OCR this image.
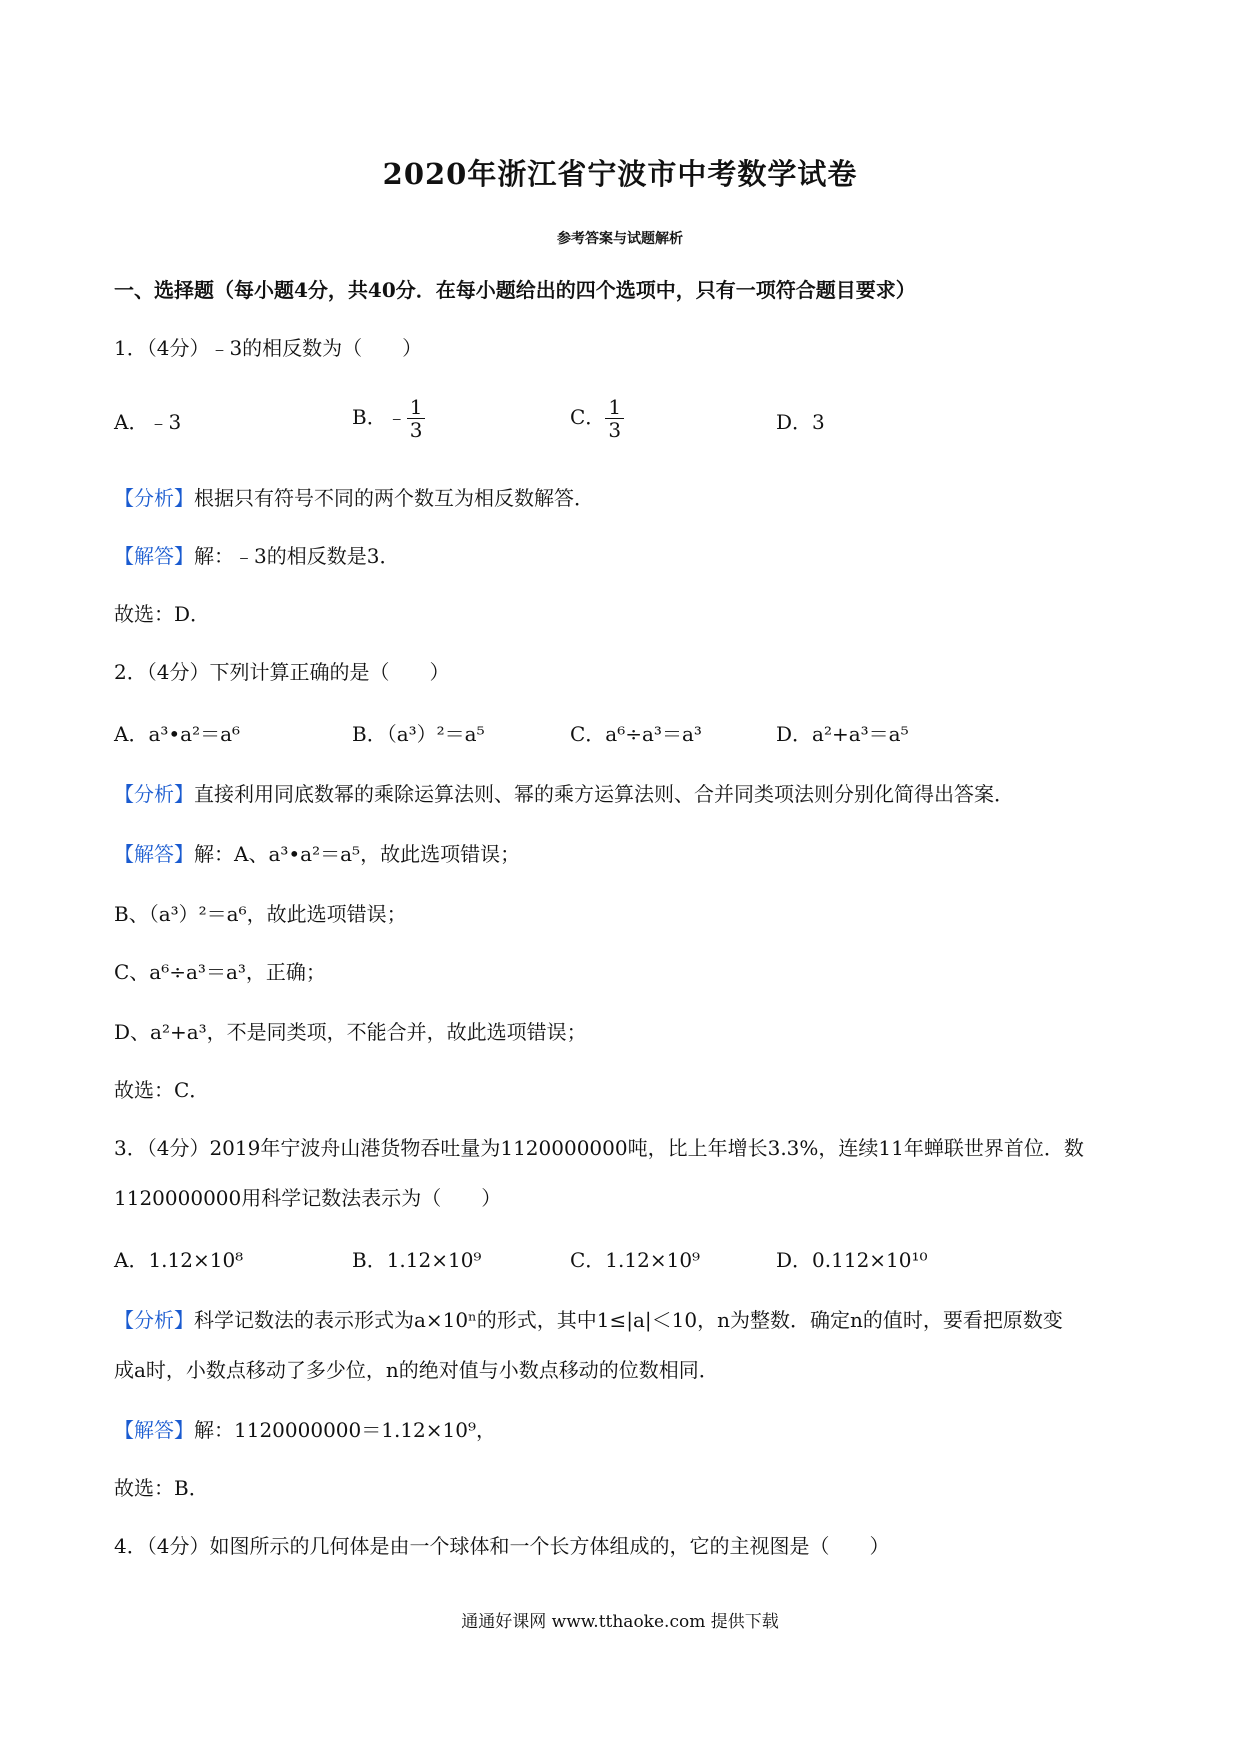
2020年浙江省宁波市中考数学试卷
参考答案与试题解析
一、选择题（每小题4分，共40分．在每小题给出的四个选项中，只有一项符合题目要求）
1．（4分）﹣3的相反数为（　　）
A．﹣3	B．﹣ $\frac{1}{3}$	C． $\frac{1}{3}$	D．3
【分析】根据只有符号不同的两个数互为相反数解答．
【解答】解：﹣3的相反数是3．
故选：D．
2．（4分）下列计算正确的是（　　）
A．a³•a²＝a⁶	B．（a³）²＝a⁵	C．a⁶÷a³＝a³	D．a²+a³＝a⁵
【分析】直接利用同底数幂的乘除运算法则、幂的乘方运算法则、合并同类项法则分别化简得出答案．
【解答】解：A、a³•a²＝a⁵，故此选项错误；
B、（a³）²＝a⁶，故此选项错误；
C、a⁶÷a³＝a³，正确；
D、a²+a³，不是同类项，不能合并，故此选项错误；
故选：C．
3．（4分）2019年宁波舟山港货物吞吐量为1120000000吨，比上年增长3.3%，连续11年蝉联世界首位．数
1120000000用科学记数法表示为（　　）
A．1.12×10⁸	B．1.12×10⁹	C．1.12×10⁹	D．0.112×10¹⁰
【分析】科学记数法的表示形式为a×10ⁿ的形式，其中1≤|a|＜10，n为整数．确定n的值时，要看把原数变
成a时，小数点移动了多少位，n的绝对值与小数点移动的位数相同．
【解答】解：1120000000＝1.12×10⁹，
故选：B．
4．（4分）如图所示的几何体是由一个球体和一个长方体组成的，它的主视图是（　　）
通通好课网 www.tthaoke.com 提供下载
